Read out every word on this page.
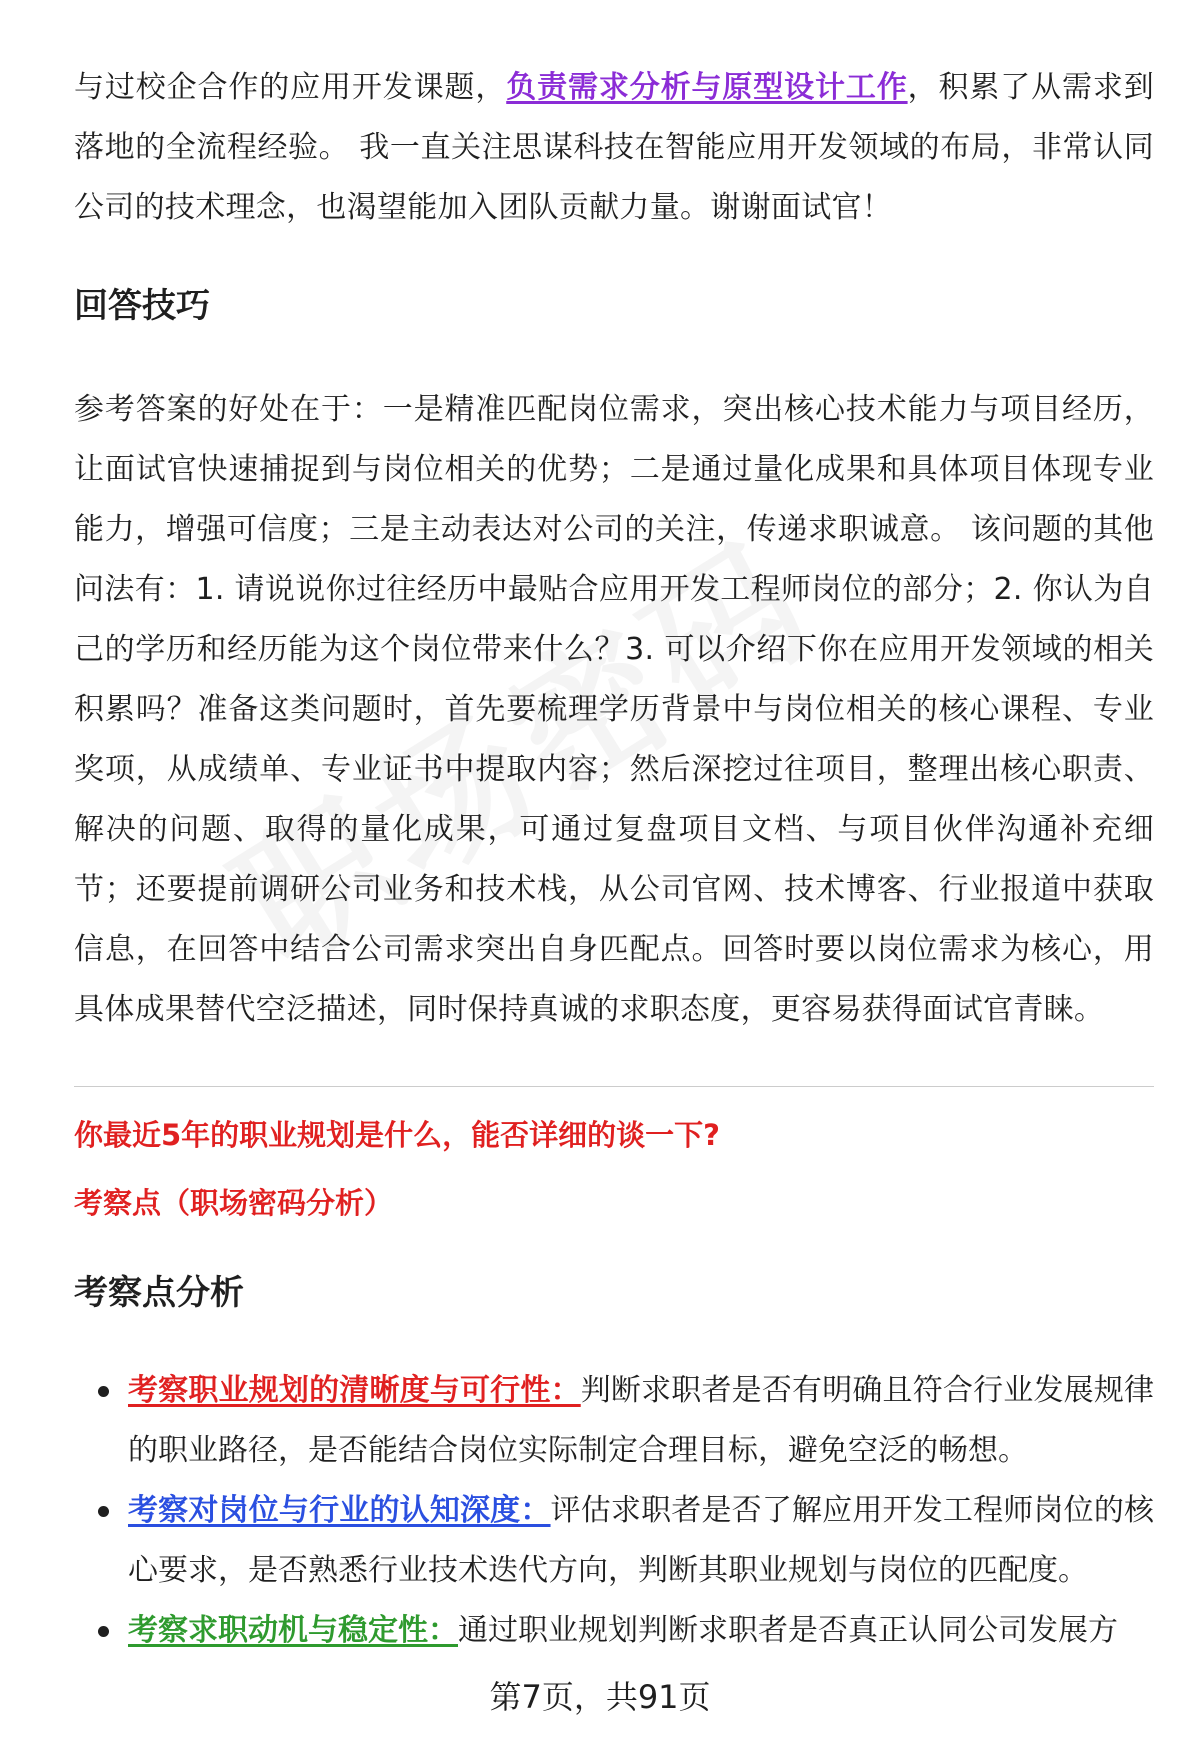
与过校企合作的应用开发课题，负责需求分析与原型设计工作，积累了从需求到落地的全流程经验。 我一直关注思谋科技在智能应用开发领域的布局，非常认同公司的技术理念，也渴望能加入团队贡献力量。谢谢面试官！

回答技巧

参考答案的好处在于：一是精准匹配岗位需求，突出核心技术能力与项目经历，让面试官快速捕捉到与岗位相关的优势；二是通过量化成果和具体项目体现专业能力，增强可信度；三是主动表达对公司的关注，传递求职诚意。 该问题的其他问法有：1. 请说说你过往经历中最贴合应用开发工程师岗位的部分；2. 你认为自己的学历和经历能为这个岗位带来什么？3. 可以介绍下你在应用开发领域的相关积累吗？准备这类问题时，首先要梳理学历背景中与岗位相关的核心课程、专业奖项，从成绩单、专业证书中提取内容；然后深挖过往项目，整理出核心职责、解决的问题、取得的量化成果，可通过复盘项目文档、与项目伙伴沟通补充细节；还要提前调研公司业务和技术栈，从公司官网、技术博客、行业报道中获取信息，在回答中结合公司需求突出自身匹配点。回答时要以岗位需求为核心，用具体成果替代空泛描述，同时保持真诚的求职态度，更容易获得面试官青睐。

你最近5年的职业规划是什么，能否详细的谈一下?
考察点（职场密码分析）
考察点分析
考察职业规划的清晰度与可行性：判断求职者是否有明确且符合行业发展规律的职业路径，是否能结合岗位实际制定合理目标，避免空泛的畅想。
考察对岗位与行业的认知深度：评估求职者是否了解应用开发工程师岗位的核心要求，是否熟悉行业技术迭代方向，判断其职业规划与岗位的匹配度。
考察求职动机与稳定性：通过职业规划判断求职者是否真正认同公司发展方
第7页，共91页
